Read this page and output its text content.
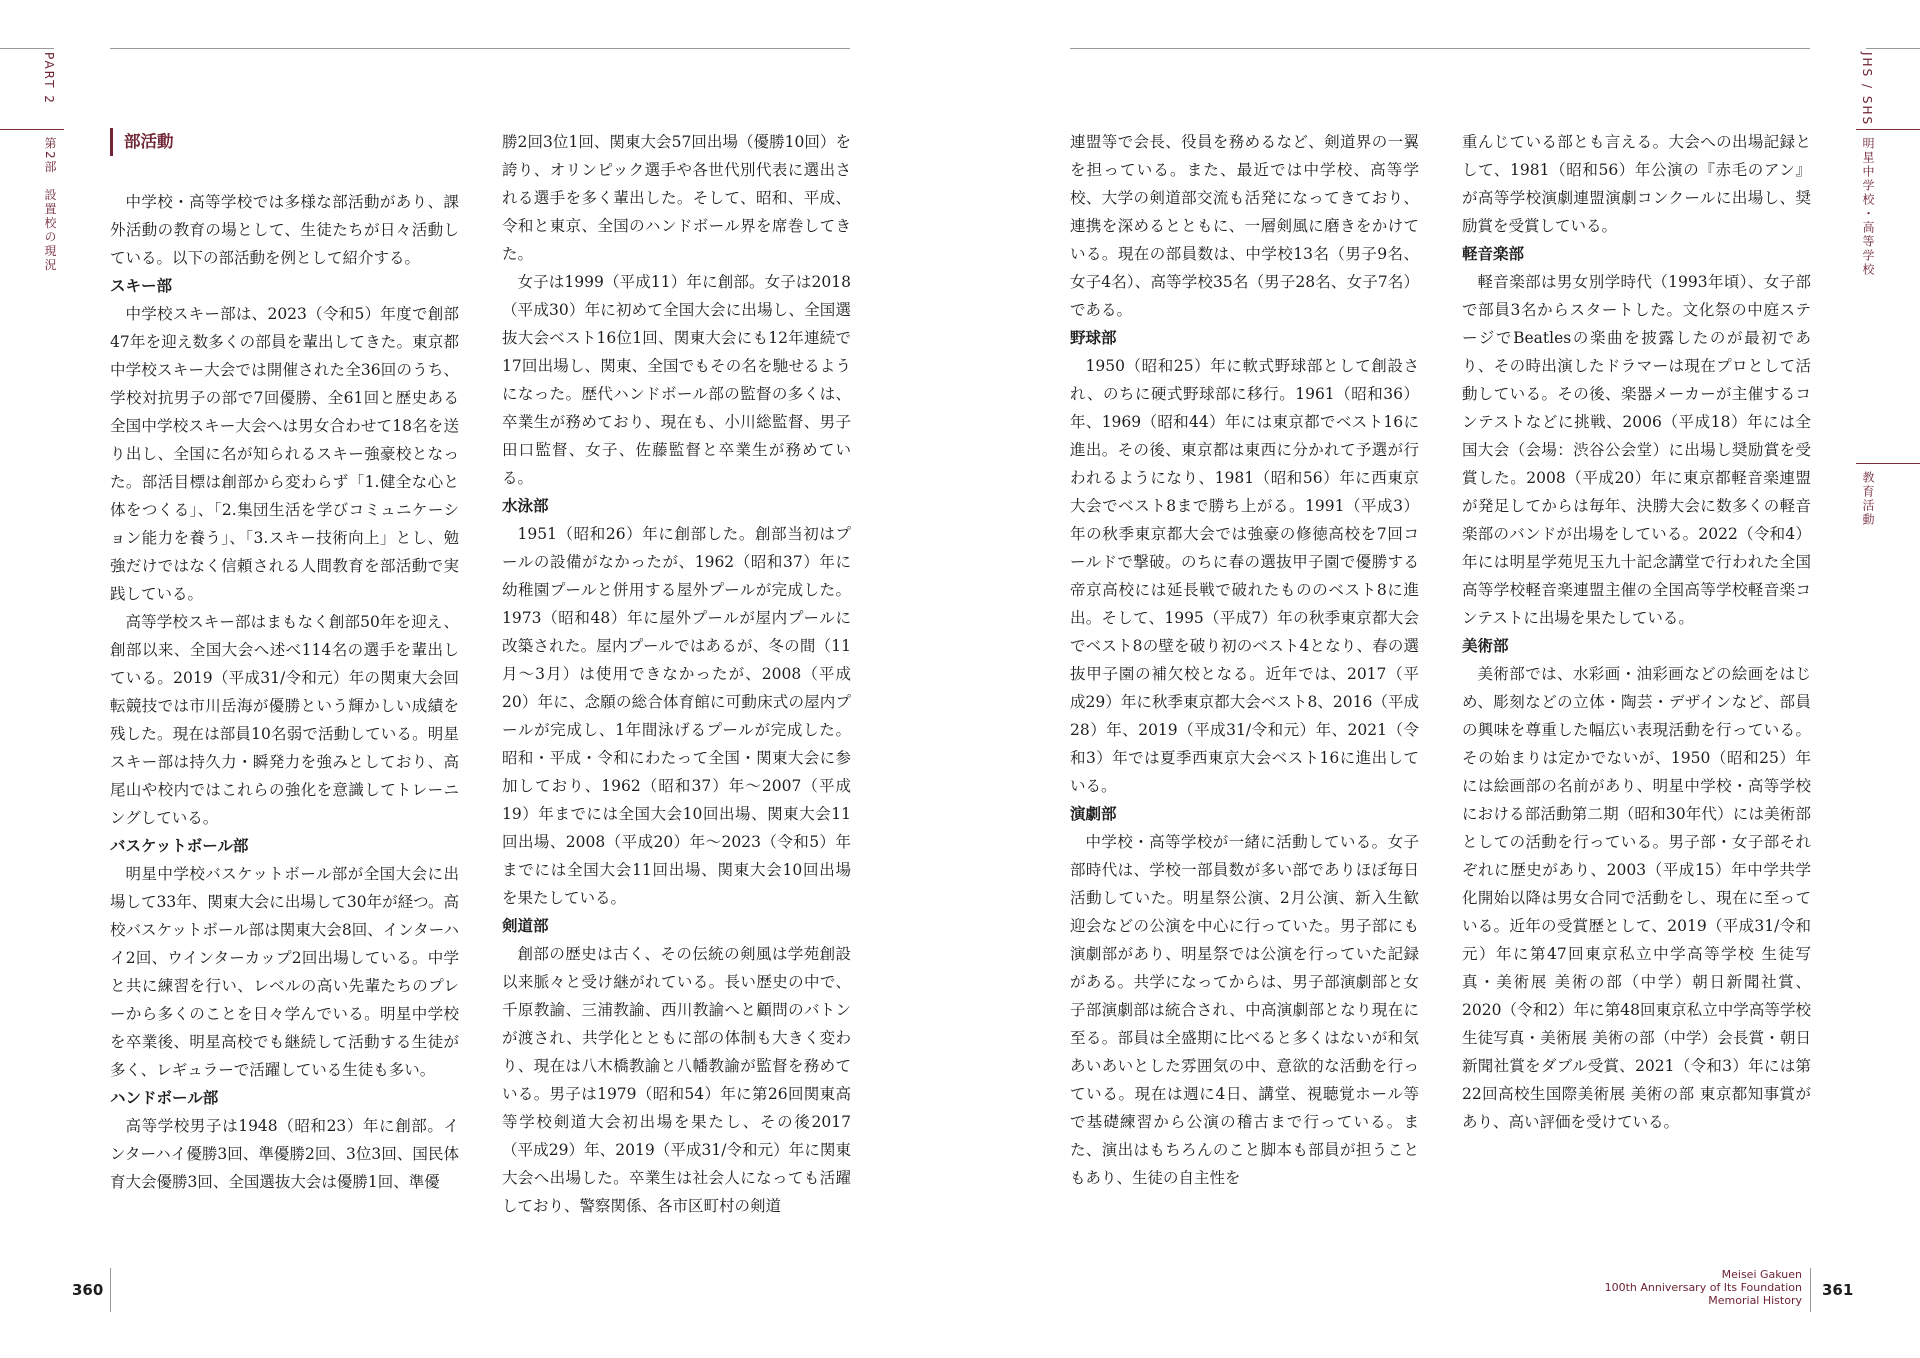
PART 2
第2部　設置校の現況
JHS / SHS
明星中学校・高等学校
教育活動
部活動

中学校・高等学校では多様な部活動があり、課外活動の教育の場として、生徒たちが日々活動している。以下の部活動を例として紹介する。

スキー部

中学校スキー部は、2023（令和5）年度で創部47年を迎え数多くの部員を輩出してきた。東京都中学校スキー大会では開催された全36回のうち、学校対抗男子の部で7回優勝、全61回と歴史ある全国中学校スキー大会へは男女合わせて18名を送り出し、全国に名が知られるスキー強豪校となった。部活目標は創部から変わらず「1.健全な心と体をつくる」、「2.集団生活を学びコミュニケーション能力を養う」、「3.スキー技術向上」とし、勉強だけではなく信頼される人間教育を部活動で実践している。

高等学校スキー部はまもなく創部50年を迎え、創部以来、全国大会へ述べ114名の選手を輩出している。2019（平成31/令和元）年の関東大会回転競技では市川岳海が優勝という輝かしい成績を残した。現在は部員10名弱で活動している。明星スキー部は持久力・瞬発力を強みとしており、高尾山や校内ではこれらの強化を意識してトレーニングしている。

バスケットボール部

明星中学校バスケットボール部が全国大会に出場して33年、関東大会に出場して30年が経つ。高校バスケットボール部は関東大会8回、インターハイ2回、ウインターカップ2回出場している。中学と共に練習を行い、レベルの高い先輩たちのプレーから多くのことを日々学んでいる。明星中学校を卒業後、明星高校でも継続して活動する生徒が多く、レギュラーで活躍している生徒も多い。

ハンドボール部

高等学校男子は1948（昭和23）年に創部。インターハイ優勝3回、準優勝2回、3位3回、国民体育大会優勝3回、全国選抜大会は優勝1回、準優

勝2回3位1回、関東大会57回出場（優勝10回）を誇り、オリンピック選手や各世代別代表に選出される選手を多く輩出した。そして、昭和、平成、令和と東京、全国のハンドボール界を席巻してきた。

女子は1999（平成11）年に創部。女子は2018（平成30）年に初めて全国大会に出場し、全国選抜大会ベスト16位1回、関東大会にも12年連続で17回出場し、関東、全国でもその名を馳せるようになった。歴代ハンドボール部の監督の多くは、卒業生が務めており、現在も、小川総監督、男子田口監督、女子、佐藤監督と卒業生が務めている。

水泳部

1951（昭和26）年に創部した。創部当初はプールの設備がなかったが、1962（昭和37）年に幼稚園プールと併用する屋外プールが完成した。1973（昭和48）年に屋外プールが屋内プールに改築された。屋内プールではあるが、冬の間（11月～3月）は使用できなかったが、2008（平成20）年に、念願の総合体育館に可動床式の屋内プールが完成し、1年間泳げるプールが完成した。昭和・平成・令和にわたって全国・関東大会に参加しており、1962（昭和37）年～2007（平成19）年までには全国大会10回出場、関東大会11回出場、2008（平成20）年～2023（令和5）年までには全国大会11回出場、関東大会10回出場を果たしている。

剣道部

創部の歴史は古く、その伝統の剣風は学苑創設以来脈々と受け継がれている。長い歴史の中で、千原教諭、三浦教諭、西川教諭へと顧問のバトンが渡され、共学化とともに部の体制も大きく変わり、現在は八木橋教諭と八幡教諭が監督を務めている。男子は1979（昭和54）年に第26回関東高等学校剣道大会初出場を果たし、その後2017（平成29）年、2019（平成31/令和元）年に関東大会へ出場した。卒業生は社会人になっても活躍しており、警察関係、各市区町村の剣道

連盟等で会長、役員を務めるなど、剣道界の一翼を担っている。また、最近では中学校、高等学校、大学の剣道部交流も活発になってきており、連携を深めるとともに、一層剣風に磨きをかけている。現在の部員数は、中学校13名（男子9名、女子4名）、高等学校35名（男子28名、女子7名）である。

野球部

1950（昭和25）年に軟式野球部として創設され、のちに硬式野球部に移行。1961（昭和36）年、1969（昭和44）年には東京都でベスト16に進出。その後、東京都は東西に分かれて予選が行われるようになり、1981（昭和56）年に西東京大会でベスト8まで勝ち上がる。1991（平成3）年の秋季東京都大会では強豪の修徳高校を7回コールドで撃破。のちに春の選抜甲子園で優勝する帝京高校には延長戦で破れたもののベスト8に進出。そして、1995（平成7）年の秋季東京都大会でベスト8の壁を破り初のベスト4となり、春の選抜甲子園の補欠校となる。近年では、2017（平成29）年に秋季東京都大会ベスト8、2016（平成28）年、2019（平成31/令和元）年、2021（令和3）年では夏季西東京大会ベスト16に進出している。

演劇部

中学校・高等学校が一緒に活動している。女子部時代は、学校一部員数が多い部でありほぼ毎日活動していた。明星祭公演、2月公演、新入生歓迎会などの公演を中心に行っていた。男子部にも演劇部があり、明星祭では公演を行っていた記録がある。共学になってからは、男子部演劇部と女子部演劇部は統合され、中高演劇部となり現在に至る。部員は全盛期に比べると多くはないが和気あいあいとした雰囲気の中、意欲的な活動を行っている。現在は週に4日、講堂、視聴覚ホール等で基礎練習から公演の稽古まで行っている。また、演出はもちろんのこと脚本も部員が担うこともあり、生徒の自主性を

重んじている部とも言える。大会への出場記録として、1981（昭和56）年公演の『赤毛のアン』が高等学校演劇連盟演劇コンクールに出場し、奨励賞を受賞している。

軽音楽部

軽音楽部は男女別学時代（1993年頃）、女子部で部員3名からスタートした。文化祭の中庭ステージでBeatlesの楽曲を披露したのが最初であり、その時出演したドラマーは現在プロとして活動している。その後、楽器メーカーが主催するコンテストなどに挑戦、2006（平成18）年には全国大会（会場：渋谷公会堂）に出場し奨励賞を受賞した。2008（平成20）年に東京都軽音楽連盟が発足してからは毎年、決勝大会に数多くの軽音楽部のバンドが出場をしている。2022（令和4）年には明星学苑児玉九十記念講堂で行われた全国高等学校軽音楽連盟主催の全国高等学校軽音楽コンテストに出場を果たしている。

美術部

美術部では、水彩画・油彩画などの絵画をはじめ、彫刻などの立体・陶芸・デザインなど、部員の興味を尊重した幅広い表現活動を行っている。その始まりは定かでないが、1950（昭和25）年には絵画部の名前があり、明星中学校・高等学校における部活動第二期（昭和30年代）には美術部としての活動を行っている。男子部・女子部それぞれに歴史があり、2003（平成15）年中学共学化開始以降は男女合同で活動をし、現在に至っている。近年の受賞歴として、2019（平成31/令和元）年に第47回東京私立中学高等学校 生徒写真・美術展 美術の部（中学）朝日新聞社賞、2020（令和2）年に第48回東京私立中学高等学校 生徒写真・美術展 美術の部（中学）会長賞・朝日新聞社賞をダブル受賞、2021（令和3）年には第22回高校生国際美術展 美術の部 東京都知事賞があり、高い評価を受けている。

360
Meisei Gakuen
100th Anniversary of Its Foundation
Memorial History
361
